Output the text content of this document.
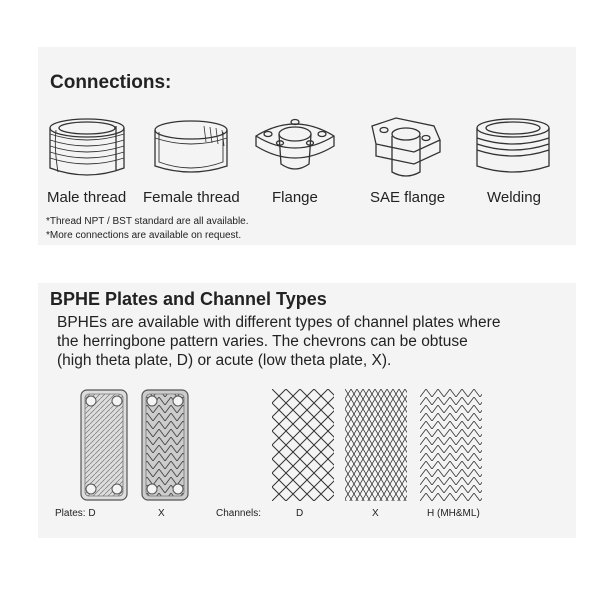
Connections:
Male thread Female thread Flange	SAE flange	Welding
*Thread NPT / BST standard are all available.
*More connections are available on request.
BPHE Plates and Channel Types

BPHEs are available with different types of channel plates where

the herringbone pattern varies. The chevrons can be obtuse

(high theta plate, D) or acute (low theta plate, X).

Plates: D	X	Channels:	D	X	H (MH&ML)
